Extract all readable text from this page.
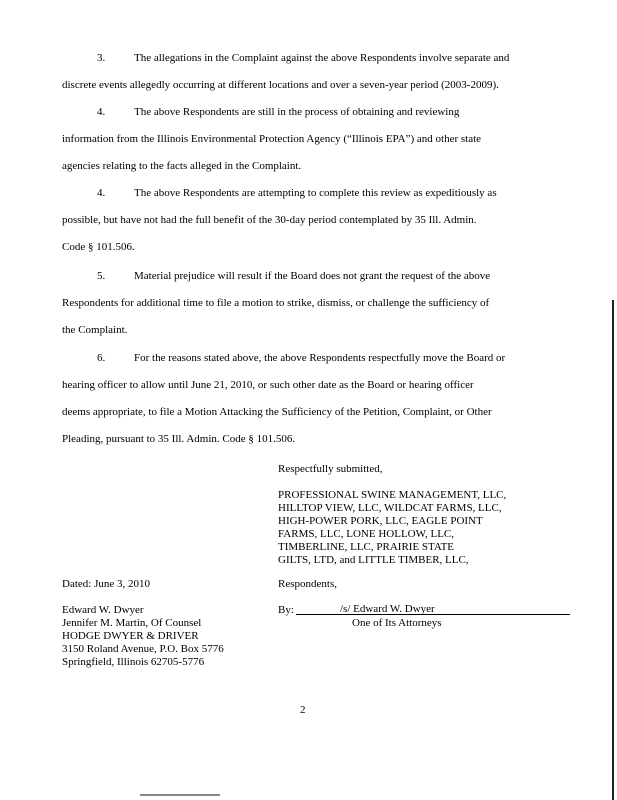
3.	The allegations in the Complaint against the above Respondents involve separate and
discrete events allegedly occurring at different locations and over a seven-year period (2003-2009).
4.	The above Respondents are still in the process of obtaining and reviewing
information from the Illinois Environmental Protection Agency (“Illinois EPA”) and other state
agencies relating to the facts alleged in the Complaint.
4.	The above Respondents are attempting to complete this review as expeditiously as
possible, but have not had the full benefit of the 30-day period contemplated by 35 Ill. Admin.
Code § 101.506.
5.	Material prejudice will result if the Board does not grant the request of the above
Respondents for additional time to file a motion to strike, dismiss, or challenge the sufficiency of
the Complaint.
6.	For the reasons stated above, the above Respondents respectfully move the Board or
hearing officer to allow until June 21, 2010, or such other date as the Board or hearing officer
deems appropriate, to file a Motion Attacking the Sufficiency of the Petition, Complaint, or Other
Pleading, pursuant to 35 Ill. Admin. Code § 101.506.
Respectfully submitted,
PROFESSIONAL SWINE MANAGEMENT, LLC,
HILLTOP VIEW, LLC, WILDCAT FARMS, LLC,
HIGH-POWER PORK, LLC, EAGLE POINT
FARMS, LLC, LONE HOLLOW, LLC,
TIMBERLINE, LLC, PRAIRIE STATE
GILTS, LTD, and LITTLE TIMBER, LLC,
Dated: June 3, 2010	Respondents,
Edward W. Dwyer
Jennifer M. Martin, Of Counsel
HODGE DWYER & DRIVER
3150 Roland Avenue, P.O. Box 5776
Springfield, Illinois 62705-5776
By:	/s/ Edward W. Dwyer
One of Its Attorneys
2
